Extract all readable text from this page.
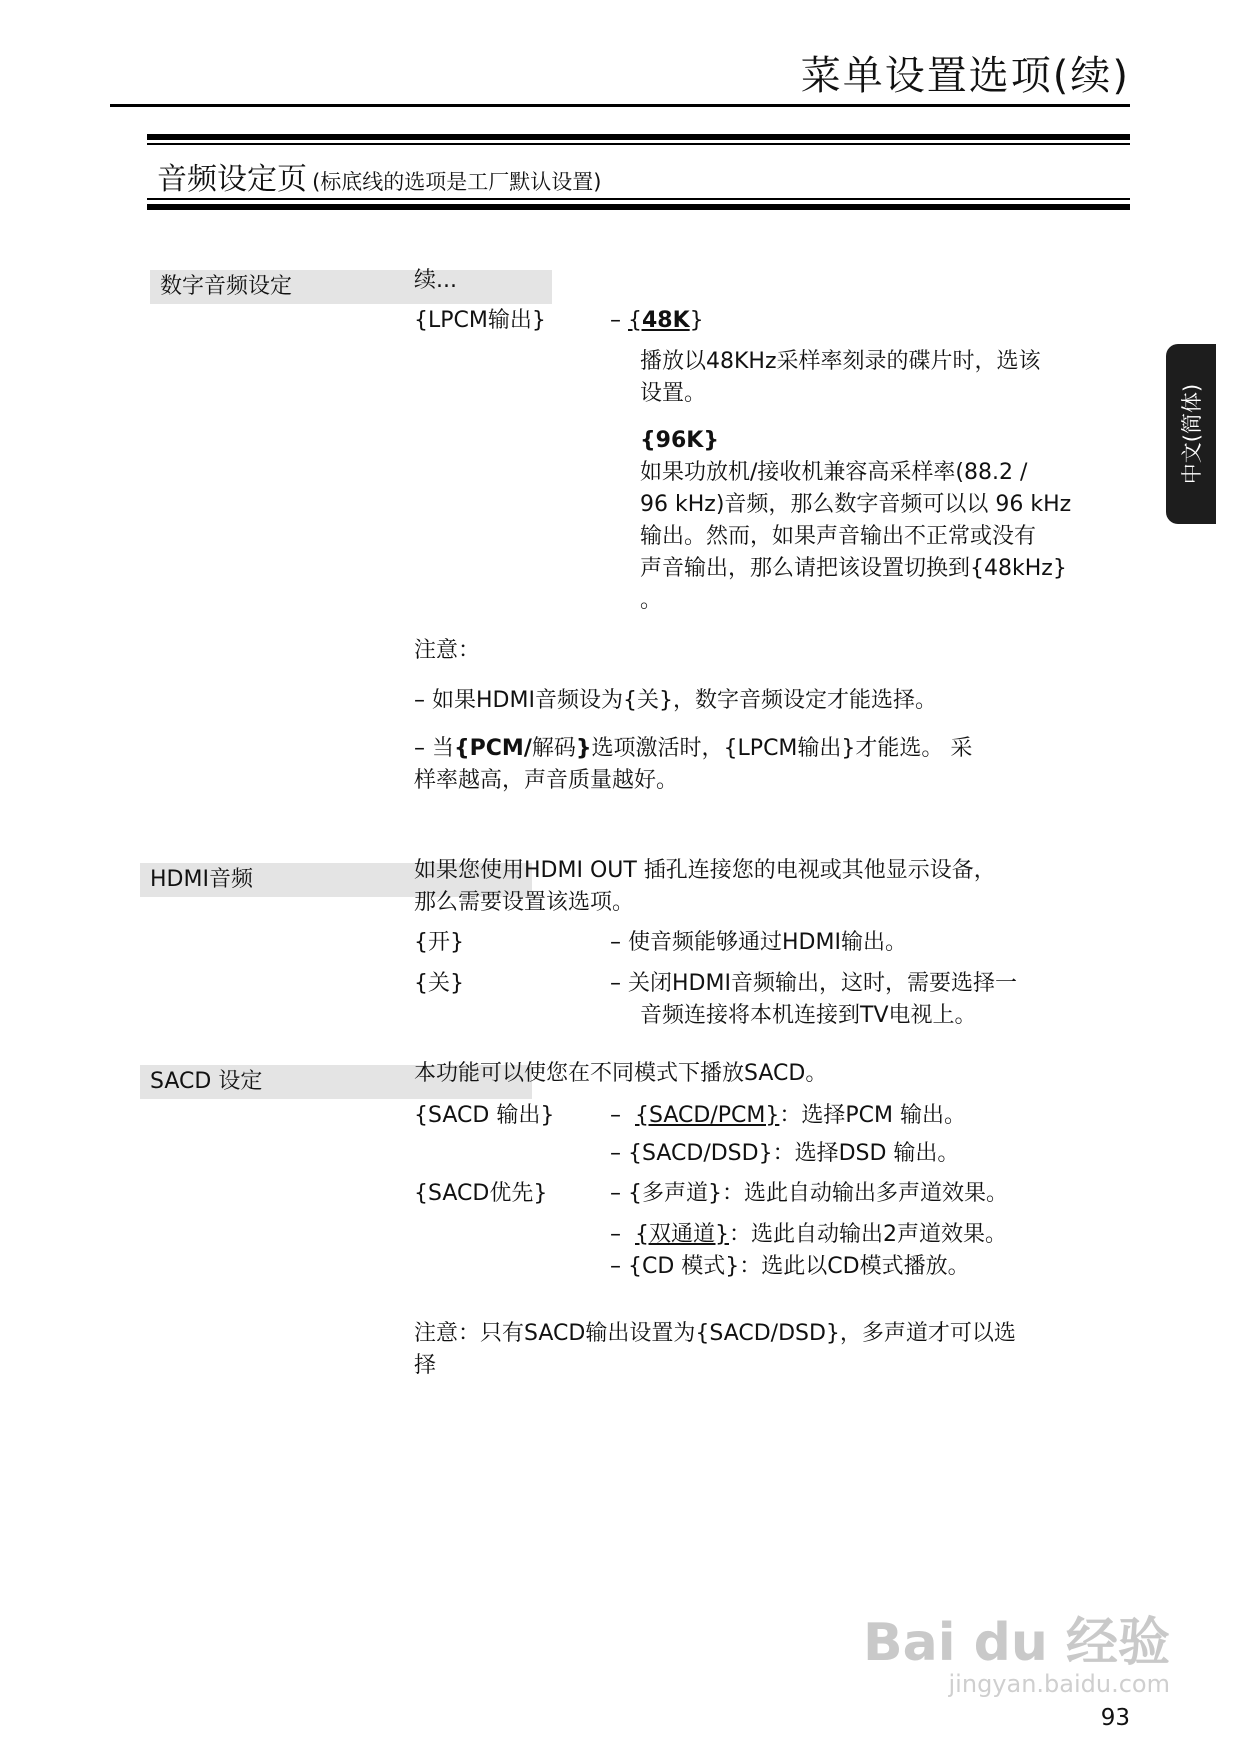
菜单设置选项(续)
音频设定页 (标底线的选项是工厂默认设置)
中文(简体)
数字音频设定	续...
{LPCM输出}	– {48K}
播放以48KHz采样率刻录的碟片时，选该
设置。
{96K}
如果功放机/接收机兼容高采样率(88.2 /
96 kHz)音频，那么数字音频可以以 96 kHz
输出。然而，如果声音输出不正常或没有
声音输出，那么请把该设置切换到{48kHz}
。
注意：
– 如果HDMI音频设为{关}，数字音频设定才能选择。
– 当{PCM/解码}选项激活时，{LPCM输出}才能选。 采
样率越高，声音质量越好。
HDMI音频	如果您使用HDMI OUT 插孔连接您的电视或其他显示设备，
那么需要设置该选项。
{开}	– 使音频能够通过HDMI输出。
{关}	– 关闭HDMI音频输出，这时，需要选择一
音频连接将本机连接到TV电视上。
SACD 设定	本功能可以使您在不同模式下播放SACD。
{SACD 输出}	– {SACD/PCM}：选择PCM 输出。
– {SACD/DSD}：选择DSD 输出。
{SACD优先}	– {多声道}：选此自动输出多声道效果。
– {双通道}：选此自动输出2声道效果。
– {CD 模式}：选此以CD模式播放。
注意：只有SACD输出设置为{SACD/DSD}，多声道才可以选
择
Bai du 经验
jingyan.baidu.com
93
